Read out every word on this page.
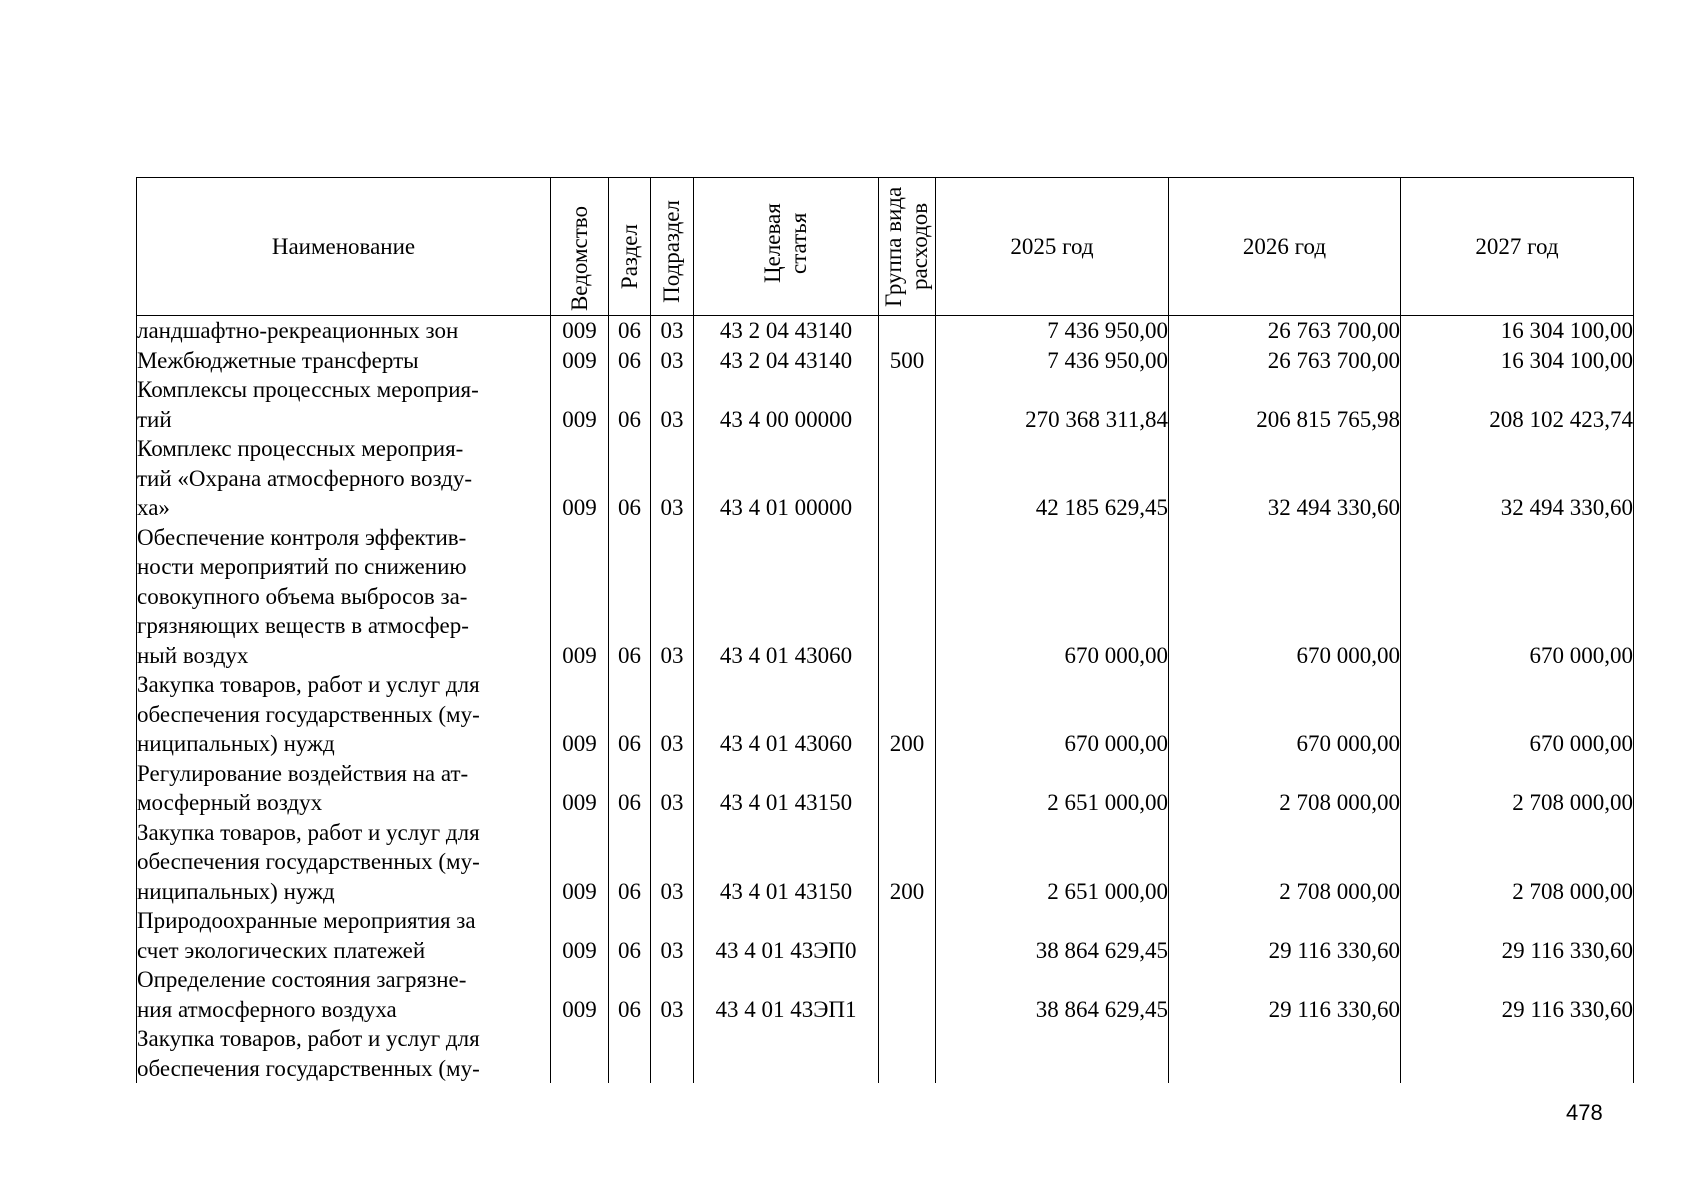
Наименование	Ведомство	Раздел	Подраздел	Целевая статья	Группа вида расходов	2025 год	2026 год	2027 год
ландшафтно-рекреационных зон	009	06	03	43 2 04 43140		7 436 950,00	26 763 700,00	16 304 100,00
Межбюджетные трансферты	009	06	03	43 2 04 43140	500	7 436 950,00	26 763 700,00	16 304 100,00
Комплексы процессных мероприя-
тий	009	06	03	43 4 00 00000		270 368 311,84	206 815 765,98	208 102 423,74
Комплекс процессных мероприя-
тий «Охрана атмосферного возду-
ха»	009	06	03	43 4 01 00000		42 185 629,45	32 494 330,60	32 494 330,60
Обеспечение контроля эффектив-
ности мероприятий по снижению
совокупного объема выбросов за-
грязняющих веществ в атмосфер-
ный воздух	009	06	03	43 4 01 43060		670 000,00	670 000,00	670 000,00
Закупка товаров, работ и услуг для
обеспечения государственных (му-
ниципальных) нужд	009	06	03	43 4 01 43060	200	670 000,00	670 000,00	670 000,00
Регулирование воздействия на ат-
мосферный воздух	009	06	03	43 4 01 43150		2 651 000,00	2 708 000,00	2 708 000,00
Закупка товаров, работ и услуг для
обеспечения государственных (му-
ниципальных) нужд	009	06	03	43 4 01 43150	200	2 651 000,00	2 708 000,00	2 708 000,00
Природоохранные мероприятия за
счет экологических платежей	009	06	03	43 4 01 43ЭП0		38 864 629,45	29 116 330,60	29 116 330,60
Определение состояния загрязне-
ния атмосферного воздуха	009	06	03	43 4 01 43ЭП1		38 864 629,45	29 116 330,60	29 116 330,60
Закупка товаров, работ и услуг для
обеспечения государственных (му-								
478
